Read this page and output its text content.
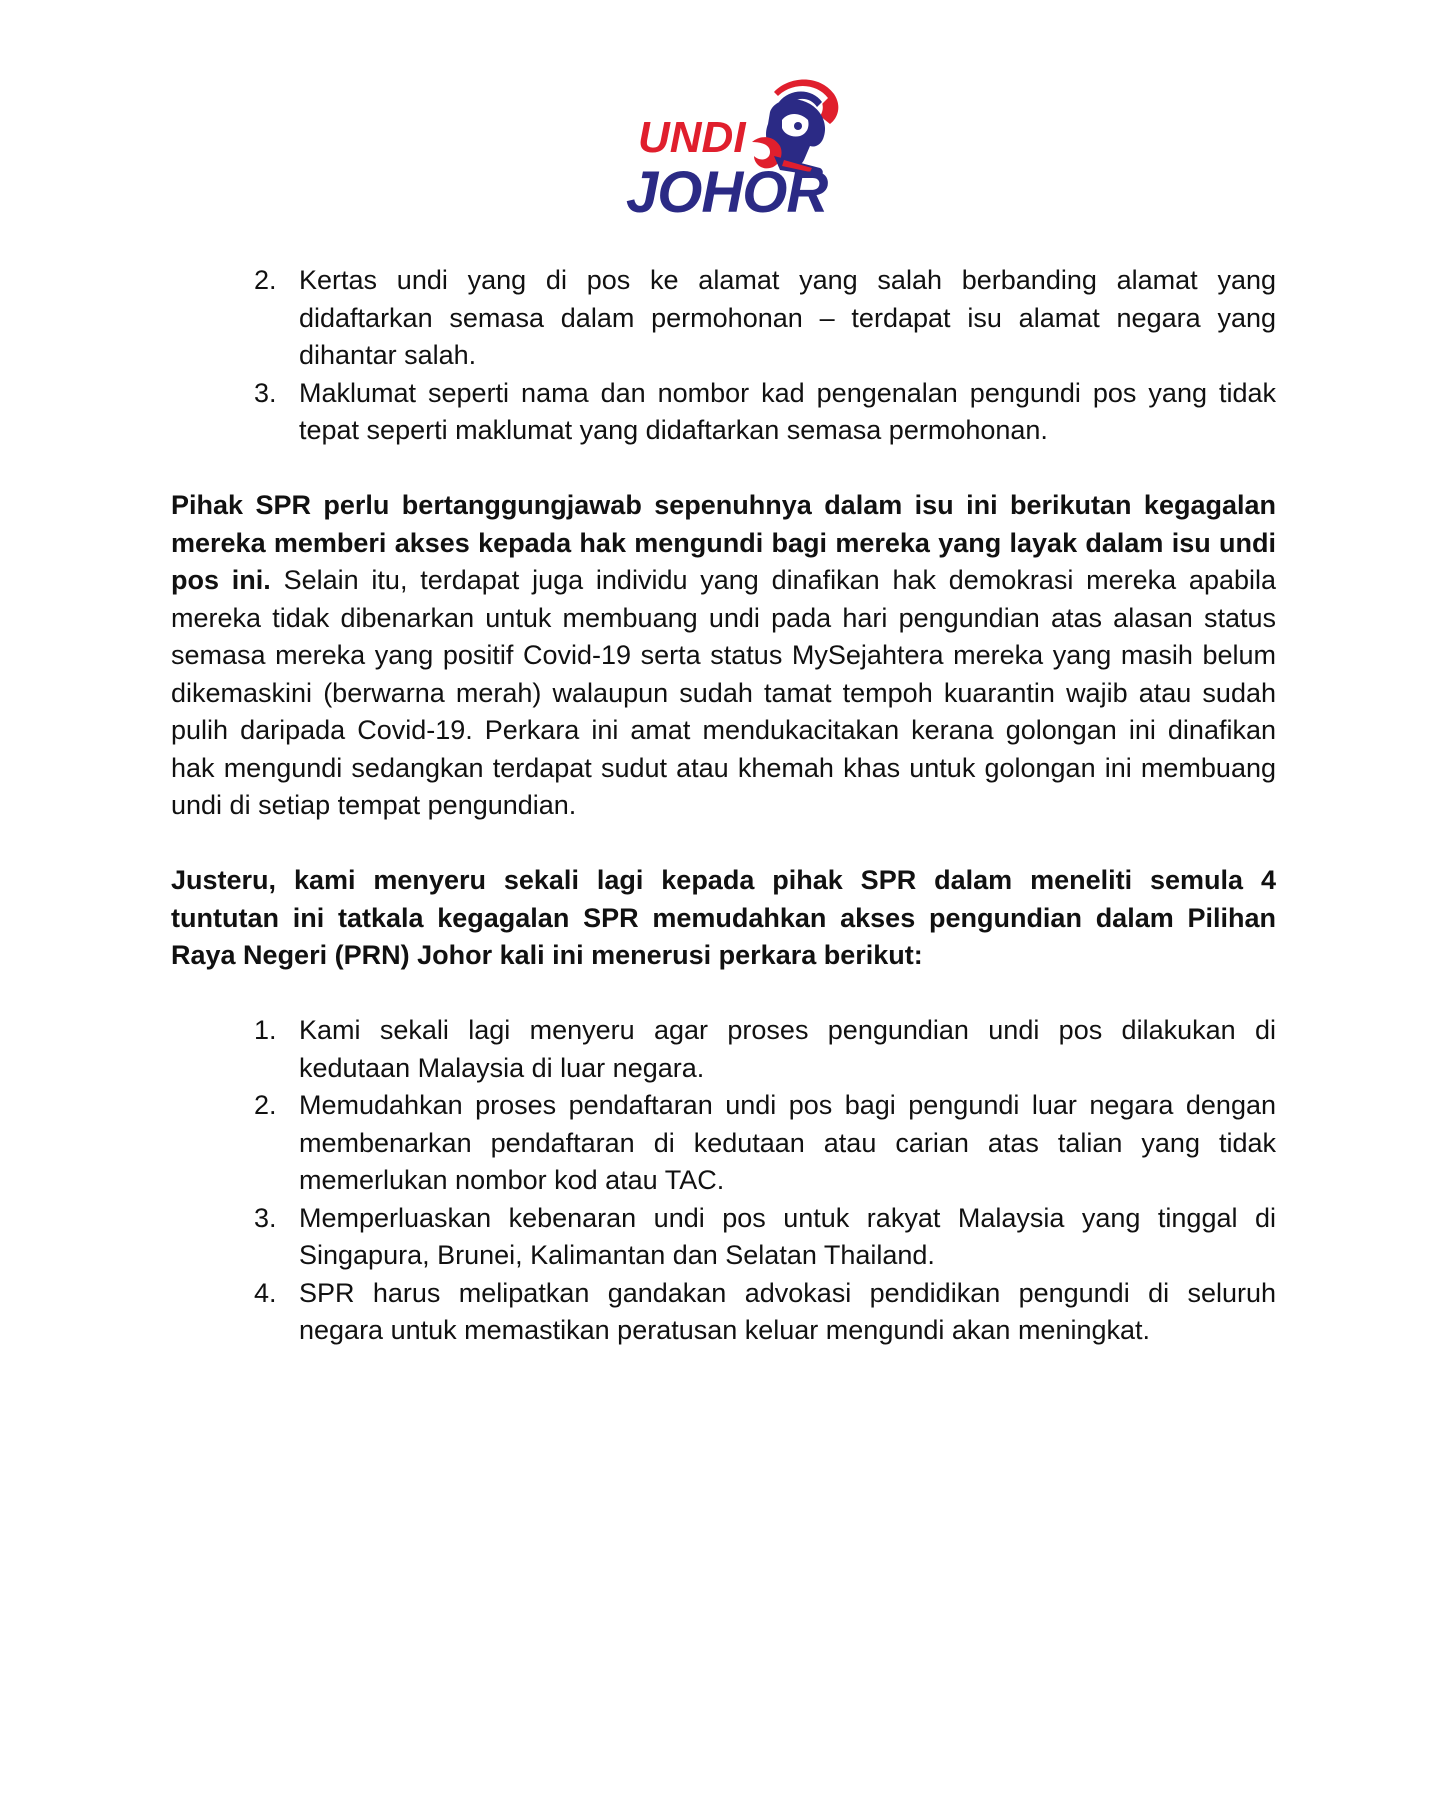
UNDI
JOHOR
2. Kertas undi yang di pos ke alamat yang salah berbanding alamat yang didaftarkan semasa dalam permohonan – terdapat isu alamat negara yang dihantar salah.
3. Maklumat seperti nama dan nombor kad pengenalan pengundi pos yang tidak tepat seperti maklumat yang didaftarkan semasa permohonan.

Pihak SPR perlu bertanggungjawab sepenuhnya dalam isu ini berikutan kegagalan mereka memberi akses kepada hak mengundi bagi mereka yang layak dalam isu undi pos ini. Selain itu, terdapat juga individu yang dinafikan hak demokrasi mereka apabila mereka tidak dibenarkan untuk membuang undi pada hari pengundian atas alasan status semasa mereka yang positif Covid-19 serta status MySejahtera mereka yang masih belum dikemaskini (berwarna merah) walaupun sudah tamat tempoh kuarantin wajib atau sudah pulih daripada Covid-19. Perkara ini amat mendukacitakan kerana golongan ini dinafikan hak mengundi sedangkan terdapat sudut atau khemah khas untuk golongan ini membuang undi di setiap tempat pengundian.

Justeru, kami menyeru sekali lagi kepada pihak SPR dalam meneliti semula 4 tuntutan ini tatkala kegagalan SPR memudahkan akses pengundian dalam Pilihan Raya Negeri (PRN) Johor kali ini menerusi perkara berikut:

1. Kami sekali lagi menyeru agar proses pengundian undi pos dilakukan di kedutaan Malaysia di luar negara.
2. Memudahkan proses pendaftaran undi pos bagi pengundi luar negara dengan membenarkan pendaftaran di kedutaan atau carian atas talian yang tidak memerlukan nombor kod atau TAC.
3. Memperluaskan kebenaran undi pos untuk rakyat Malaysia yang tinggal di Singapura, Brunei, Kalimantan dan Selatan Thailand.
4. SPR harus melipatkan gandakan advokasi pendidikan pengundi di seluruh negara untuk memastikan peratusan keluar mengundi akan meningkat.
